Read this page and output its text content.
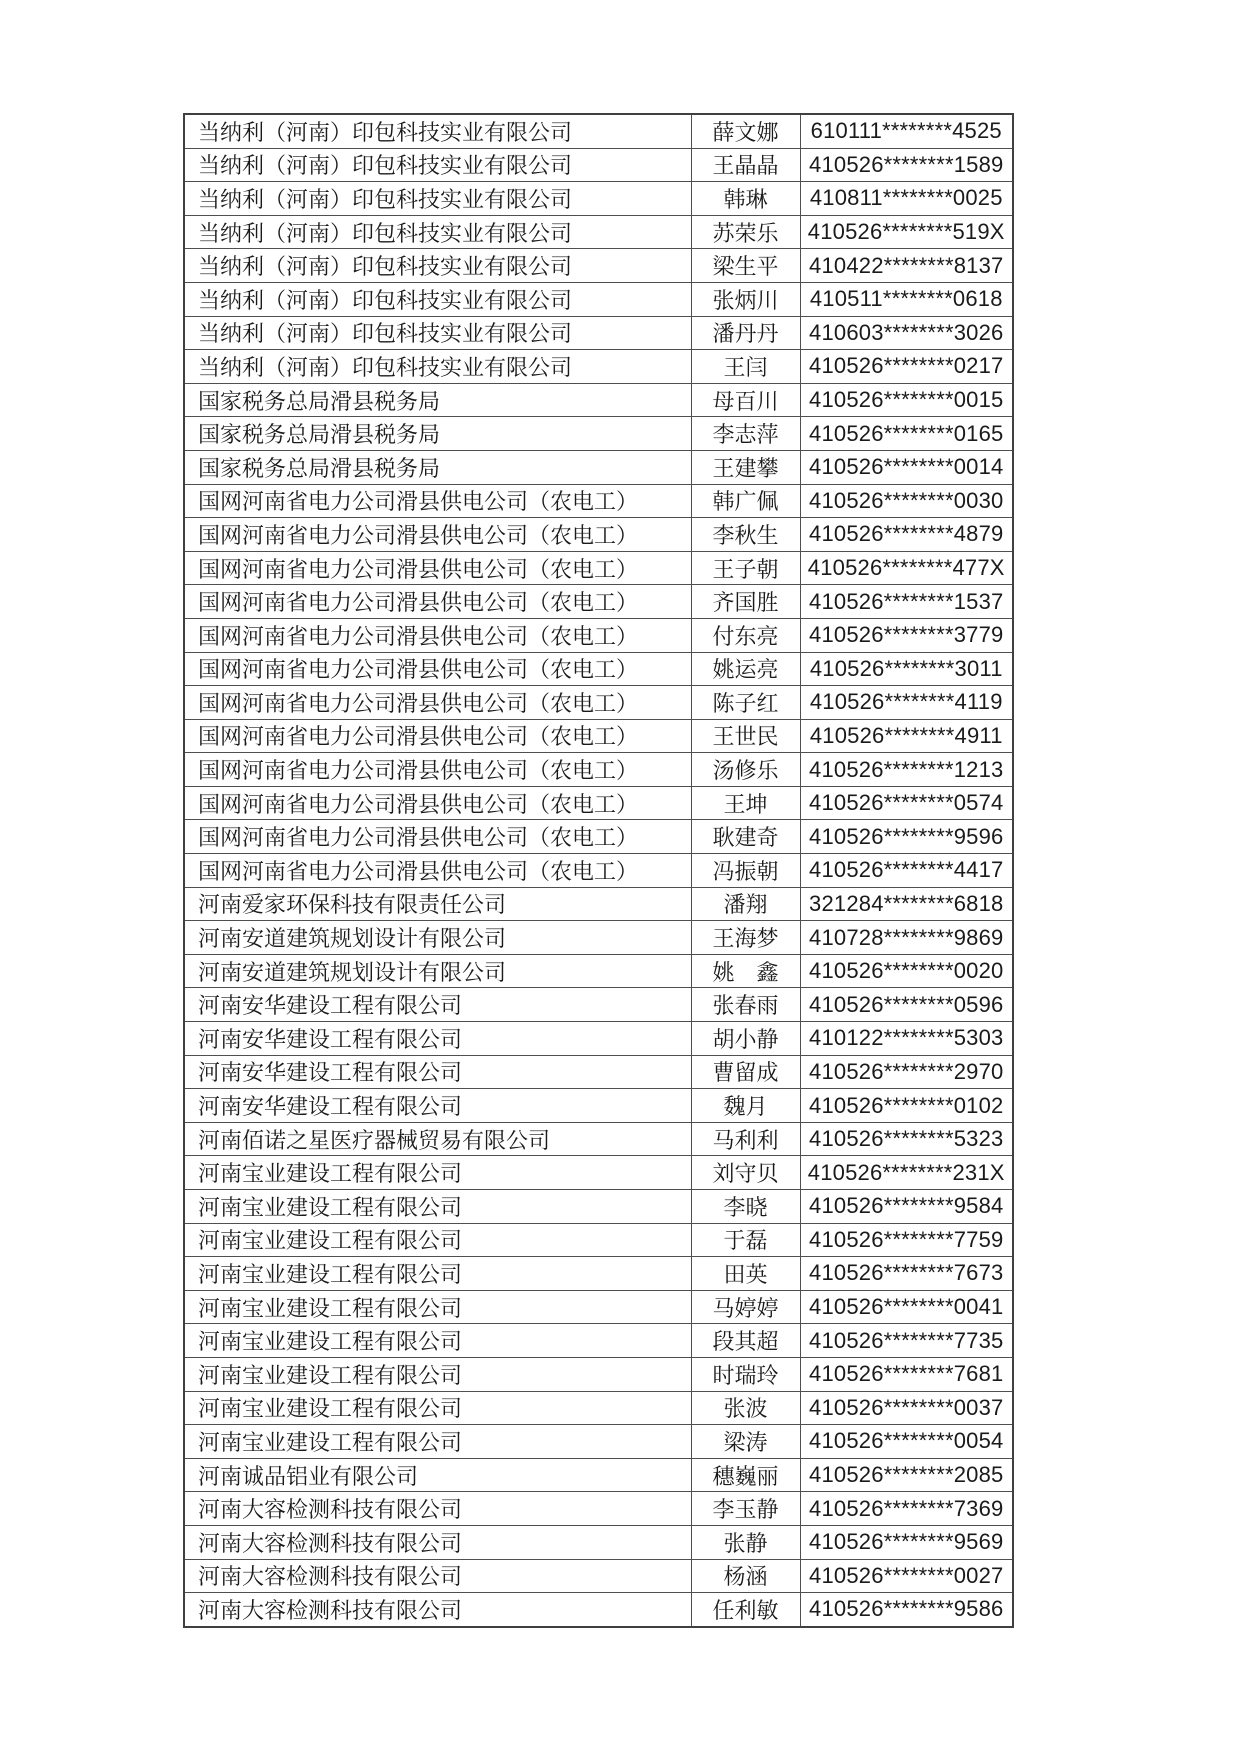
当纳利（河南）印包科技实业有限公司	薛文娜	610111********4525
当纳利（河南）印包科技实业有限公司	王晶晶	410526********1589
当纳利（河南）印包科技实业有限公司	韩琳	410811********0025
当纳利（河南）印包科技实业有限公司	苏荣乐	410526********519X
当纳利（河南）印包科技实业有限公司	梁生平	410422********8137
当纳利（河南）印包科技实业有限公司	张炳川	410511********0618
当纳利（河南）印包科技实业有限公司	潘丹丹	410603********3026
当纳利（河南）印包科技实业有限公司	王闫	410526********0217
国家税务总局滑县税务局	母百川	410526********0015
国家税务总局滑县税务局	李志萍	410526********0165
国家税务总局滑县税务局	王建攀	410526********0014
国网河南省电力公司滑县供电公司（农电工）	韩广佩	410526********0030
国网河南省电力公司滑县供电公司（农电工）	李秋生	410526********4879
国网河南省电力公司滑县供电公司（农电工）	王子朝	410526********477X
国网河南省电力公司滑县供电公司（农电工）	齐国胜	410526********1537
国网河南省电力公司滑县供电公司（农电工）	付东亮	410526********3779
国网河南省电力公司滑县供电公司（农电工）	姚运亮	410526********3011
国网河南省电力公司滑县供电公司（农电工）	陈子红	410526********4119
国网河南省电力公司滑县供电公司（农电工）	王世民	410526********4911
国网河南省电力公司滑县供电公司（农电工）	汤修乐	410526********1213
国网河南省电力公司滑县供电公司（农电工）	王坤	410526********0574
国网河南省电力公司滑县供电公司（农电工）	耿建奇	410526********9596
国网河南省电力公司滑县供电公司（农电工）	冯振朝	410526********4417
河南爱家环保科技有限责任公司	潘翔	321284********6818
河南安道建筑规划设计有限公司	王海梦	410728********9869
河南安道建筑规划设计有限公司	姚　鑫	410526********0020
河南安华建设工程有限公司	张春雨	410526********0596
河南安华建设工程有限公司	胡小静	410122********5303
河南安华建设工程有限公司	曹留成	410526********2970
河南安华建设工程有限公司	魏月	410526********0102
河南佰诺之星医疗器械贸易有限公司	马利利	410526********5323
河南宝业建设工程有限公司	刘守贝	410526********231X
河南宝业建设工程有限公司	李晓	410526********9584
河南宝业建设工程有限公司	于磊	410526********7759
河南宝业建设工程有限公司	田英	410526********7673
河南宝业建设工程有限公司	马婷婷	410526********0041
河南宝业建设工程有限公司	段其超	410526********7735
河南宝业建设工程有限公司	时瑞玲	410526********7681
河南宝业建设工程有限公司	张波	410526********0037
河南宝业建设工程有限公司	梁涛	410526********0054
河南诚品铝业有限公司	穗巍丽	410526********2085
河南大容检测科技有限公司	李玉静	410526********7369
河南大容检测科技有限公司	张静	410526********9569
河南大容检测科技有限公司	杨涵	410526********0027
河南大容检测科技有限公司	任利敏	410526********9586
